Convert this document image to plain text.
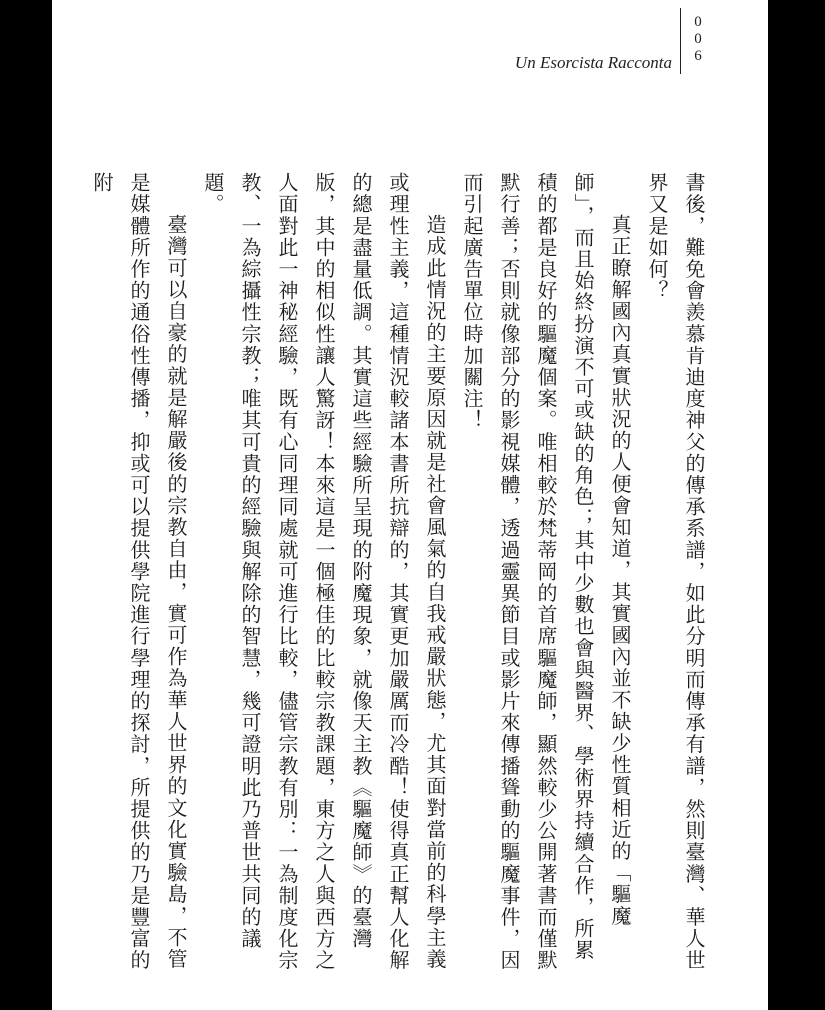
Un Esorcista Racconta 006

書後，難免會羨慕肯迪度神父的傳承系譜，如此分明而傳承有譜，然則臺灣、華人世界又是如何？

真正瞭解國內真實狀況的人便會知道，其實國內並不缺少性質相近的「驅魔師」，而且始終扮演不可或缺的角色；其中少數也會與醫界、學術界持續合作，所累積的都是良好的驅魔個案。唯相較於梵蒂岡的首席驅魔師，顯然較少公開著書而僅默默行善；否則就像部分的影視媒體，透過靈異節目或影片來傳播聳動的驅魔事件，因而引起廣告單位時加關注！

造成此情況的主要原因就是社會風氣的自我戒嚴狀態，尤其面對當前的科學主義或理性主義，這種情況較諸本書所抗辯的，其實更加嚴厲而冷酷！使得真正幫人化解的總是盡量低調。其實這些經驗所呈現的附魔現象，就像天主教《驅魔師》的臺灣版，其中的相似性讓人驚訝！本來這是一個極佳的比較宗教課題，東方之人與西方之人面對此一神秘經驗，既有心同理同處就可進行比較，儘管宗教有別：一為制度化宗教、一為綜攝性宗教；唯其可貴的經驗與解除的智慧，幾可證明此乃普世共同的議題。

臺灣可以自豪的就是解嚴後的宗教自由，實可作為華人世界的文化實驗島，不管是媒體所作的通俗性傳播，抑或可以提供學院進行學理的探討，所提供的乃是豐富的附
